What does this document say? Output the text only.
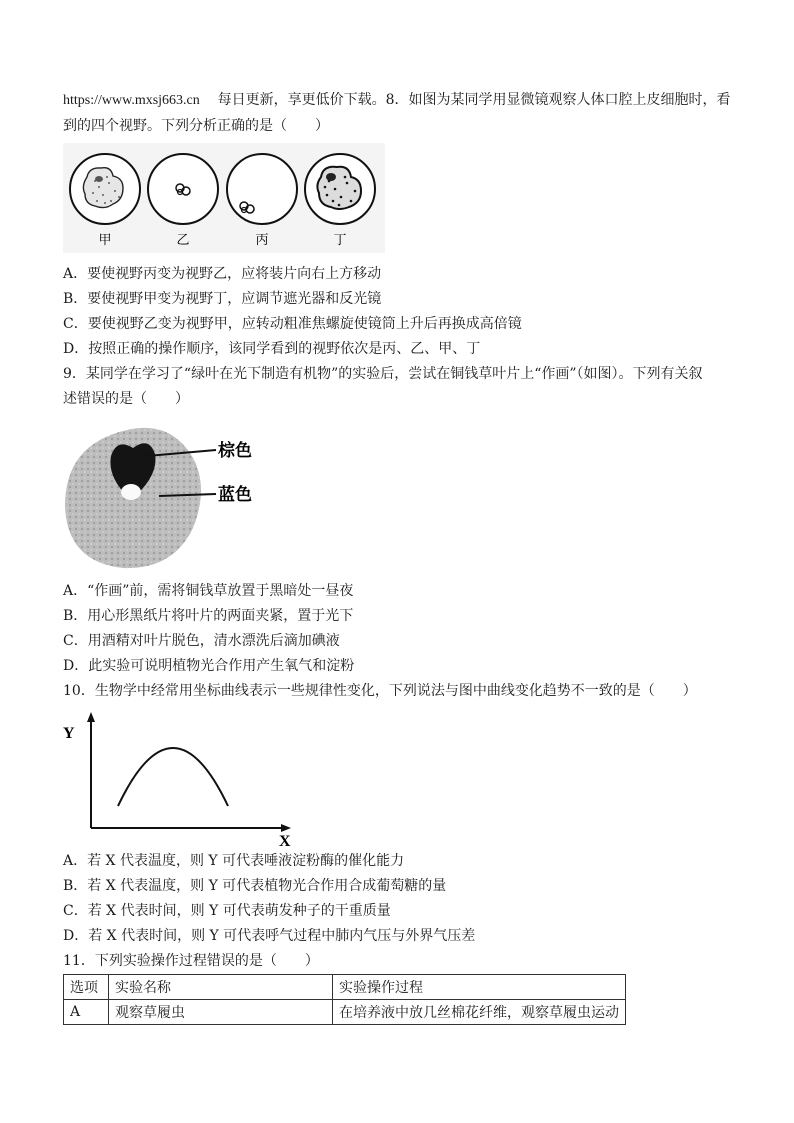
https://www.mxsj663.cn 每日更新，享更低价下载。8．如图为某同学用显微镜观察人体口腔上皮细胞时，看
到的四个视野。下列分析正确的是（　　）
甲	乙	丙	丁
A．要使视野丙变为视野乙，应将装片向右上方移动
B．要使视野甲变为视野丁，应调节遮光器和反光镜
C．要使视野乙变为视野甲，应转动粗准焦螺旋使镜筒上升后再换成高倍镜
D．按照正确的操作顺序，该同学看到的视野依次是丙、乙、甲、丁
9．某同学在学习了“绿叶在光下制造有机物”的实验后，尝试在铜钱草叶片上“作画”（如图）。下列有关叙
述错误的是（　　）
棕色
蓝色
A．“作画”前，需将铜钱草放置于黑暗处一昼夜
B．用心形黑纸片将叶片的两面夹紧，置于光下
C．用酒精对叶片脱色，清水漂洗后滴加碘液
D．此实验可说明植物光合作用产生氧气和淀粉
10．生物学中经常用坐标曲线表示一些规律性变化，下列说法与图中曲线变化趋势不一致的是（　　）
Y
X
A．若 X 代表温度，则 Y 可代表唾液淀粉酶的催化能力
B．若 X 代表温度，则 Y 可代表植物光合作用合成葡萄糖的量
C．若 X 代表时间，则 Y 可代表萌发种子的干重质量
D．若 X 代表时间，则 Y 可代表呼气过程中肺内气压与外界气压差
11．下列实验操作过程错误的是（　　）
选项	实验名称	实验操作过程
A	观察草履虫	在培养液中放几丝棉花纤维，观察草履虫运动
